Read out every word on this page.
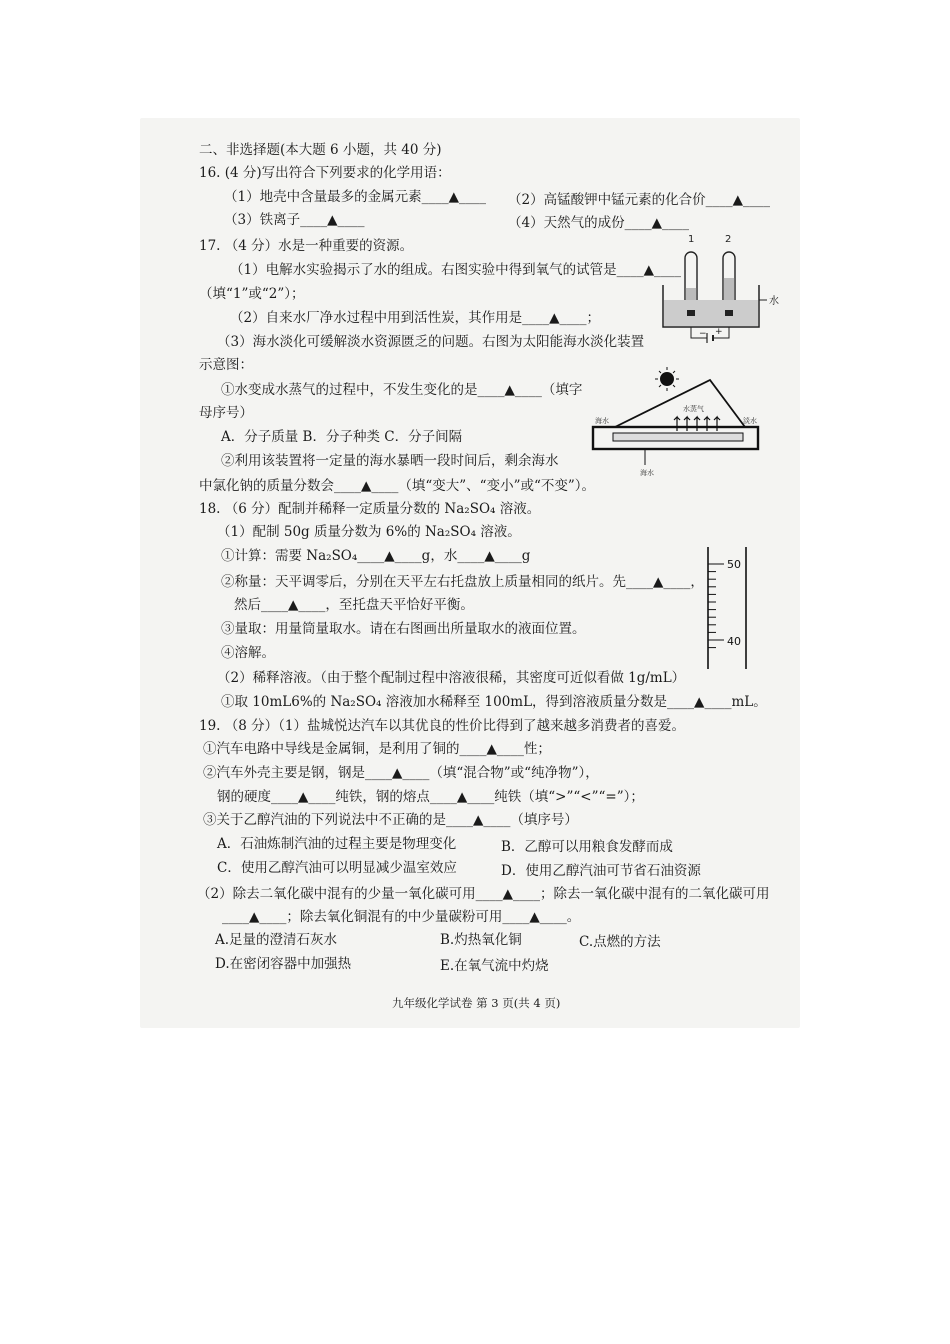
二、非选择题(本大题 6 小题，共 40 分)
16. (4 分)写出符合下列要求的化学用语：
（1）地壳中含量最多的金属元素____▲____ （2）高锰酸钾中锰元素的化合价____▲____
（3）铁离子____▲____	（4）天然气的成份____▲____
17. （4 分）水是一种重要的资源。
（1）电解水实验揭示了水的组成。右图实验中得到氧气的试管是____▲____
（填“1”或“2”）；
（2）自来水厂净水过程中用到活性炭，其作用是____▲____；
（3）海水淡化可缓解淡水资源匮乏的问题。右图为太阳能海水淡化装置
示意图：
①水变成水蒸气的过程中，不发生变化的是____▲____（填字
母序号）
A．分子质量 B．分子种类 C．分子间隔
②利用该装置将一定量的海水暴晒一段时间后，剩余海水
中氯化钠的质量分数会____▲____（填“变大”、“变小”或“不变”）。
18. （6 分）配制并稀释一定质量分数的 Na₂SO₄ 溶液。
（1）配制 50g 质量分数为 6%的 Na₂SO₄ 溶液。
①计算：需要 Na₂SO₄____▲____g，水____▲____g
②称量：天平调零后，分别在天平左右托盘放上质量相同的纸片。先____▲____，
然后____▲____，至托盘天平恰好平衡。
③量取：用量筒量取水。请在右图画出所量取水的液面位置。
④溶解。
（2）稀释溶液。（由于整个配制过程中溶液很稀，其密度可近似看做 1g/mL）
①取 10mL6%的 Na₂SO₄ 溶液加水稀释至 100mL，得到溶液质量分数是____▲____mL。
19. （8 分）（1）盐城悦达汽车以其优良的性价比得到了越来越多消费者的喜爱。
①汽车电路中导线是金属铜，是利用了铜的____▲____性；
②汽车外壳主要是钢，钢是____▲____（填“混合物”或“纯净物”），
钢的硬度____▲____纯铁，钢的熔点____▲____纯铁（填“>”“<”“=”）；
③关于乙醇汽油的下列说法中不正确的是____▲____（填序号）
A．石油炼制汽油的过程主要是物理变化	B．乙醇可以用粮食发酵而成
C．使用乙醇汽油可以明显减少温室效应	D．使用乙醇汽油可节省石油资源
（2）除去二氧化碳中混有的少量一氧化碳可用____▲____；除去一氧化碳中混有的二氧化碳可用
____▲____；除去氧化铜混有的中少量碳粉可用____▲____。
A.足量的澄清石灰水	B.灼热氧化铜	C.点燃的方法
D.在密闭容器中加强热	E.在氧气流中灼烧
九年级化学试卷 第 3 页(共 4 页)
1	2
水
− +
海水
水蒸气
淡水
海水
50
40
